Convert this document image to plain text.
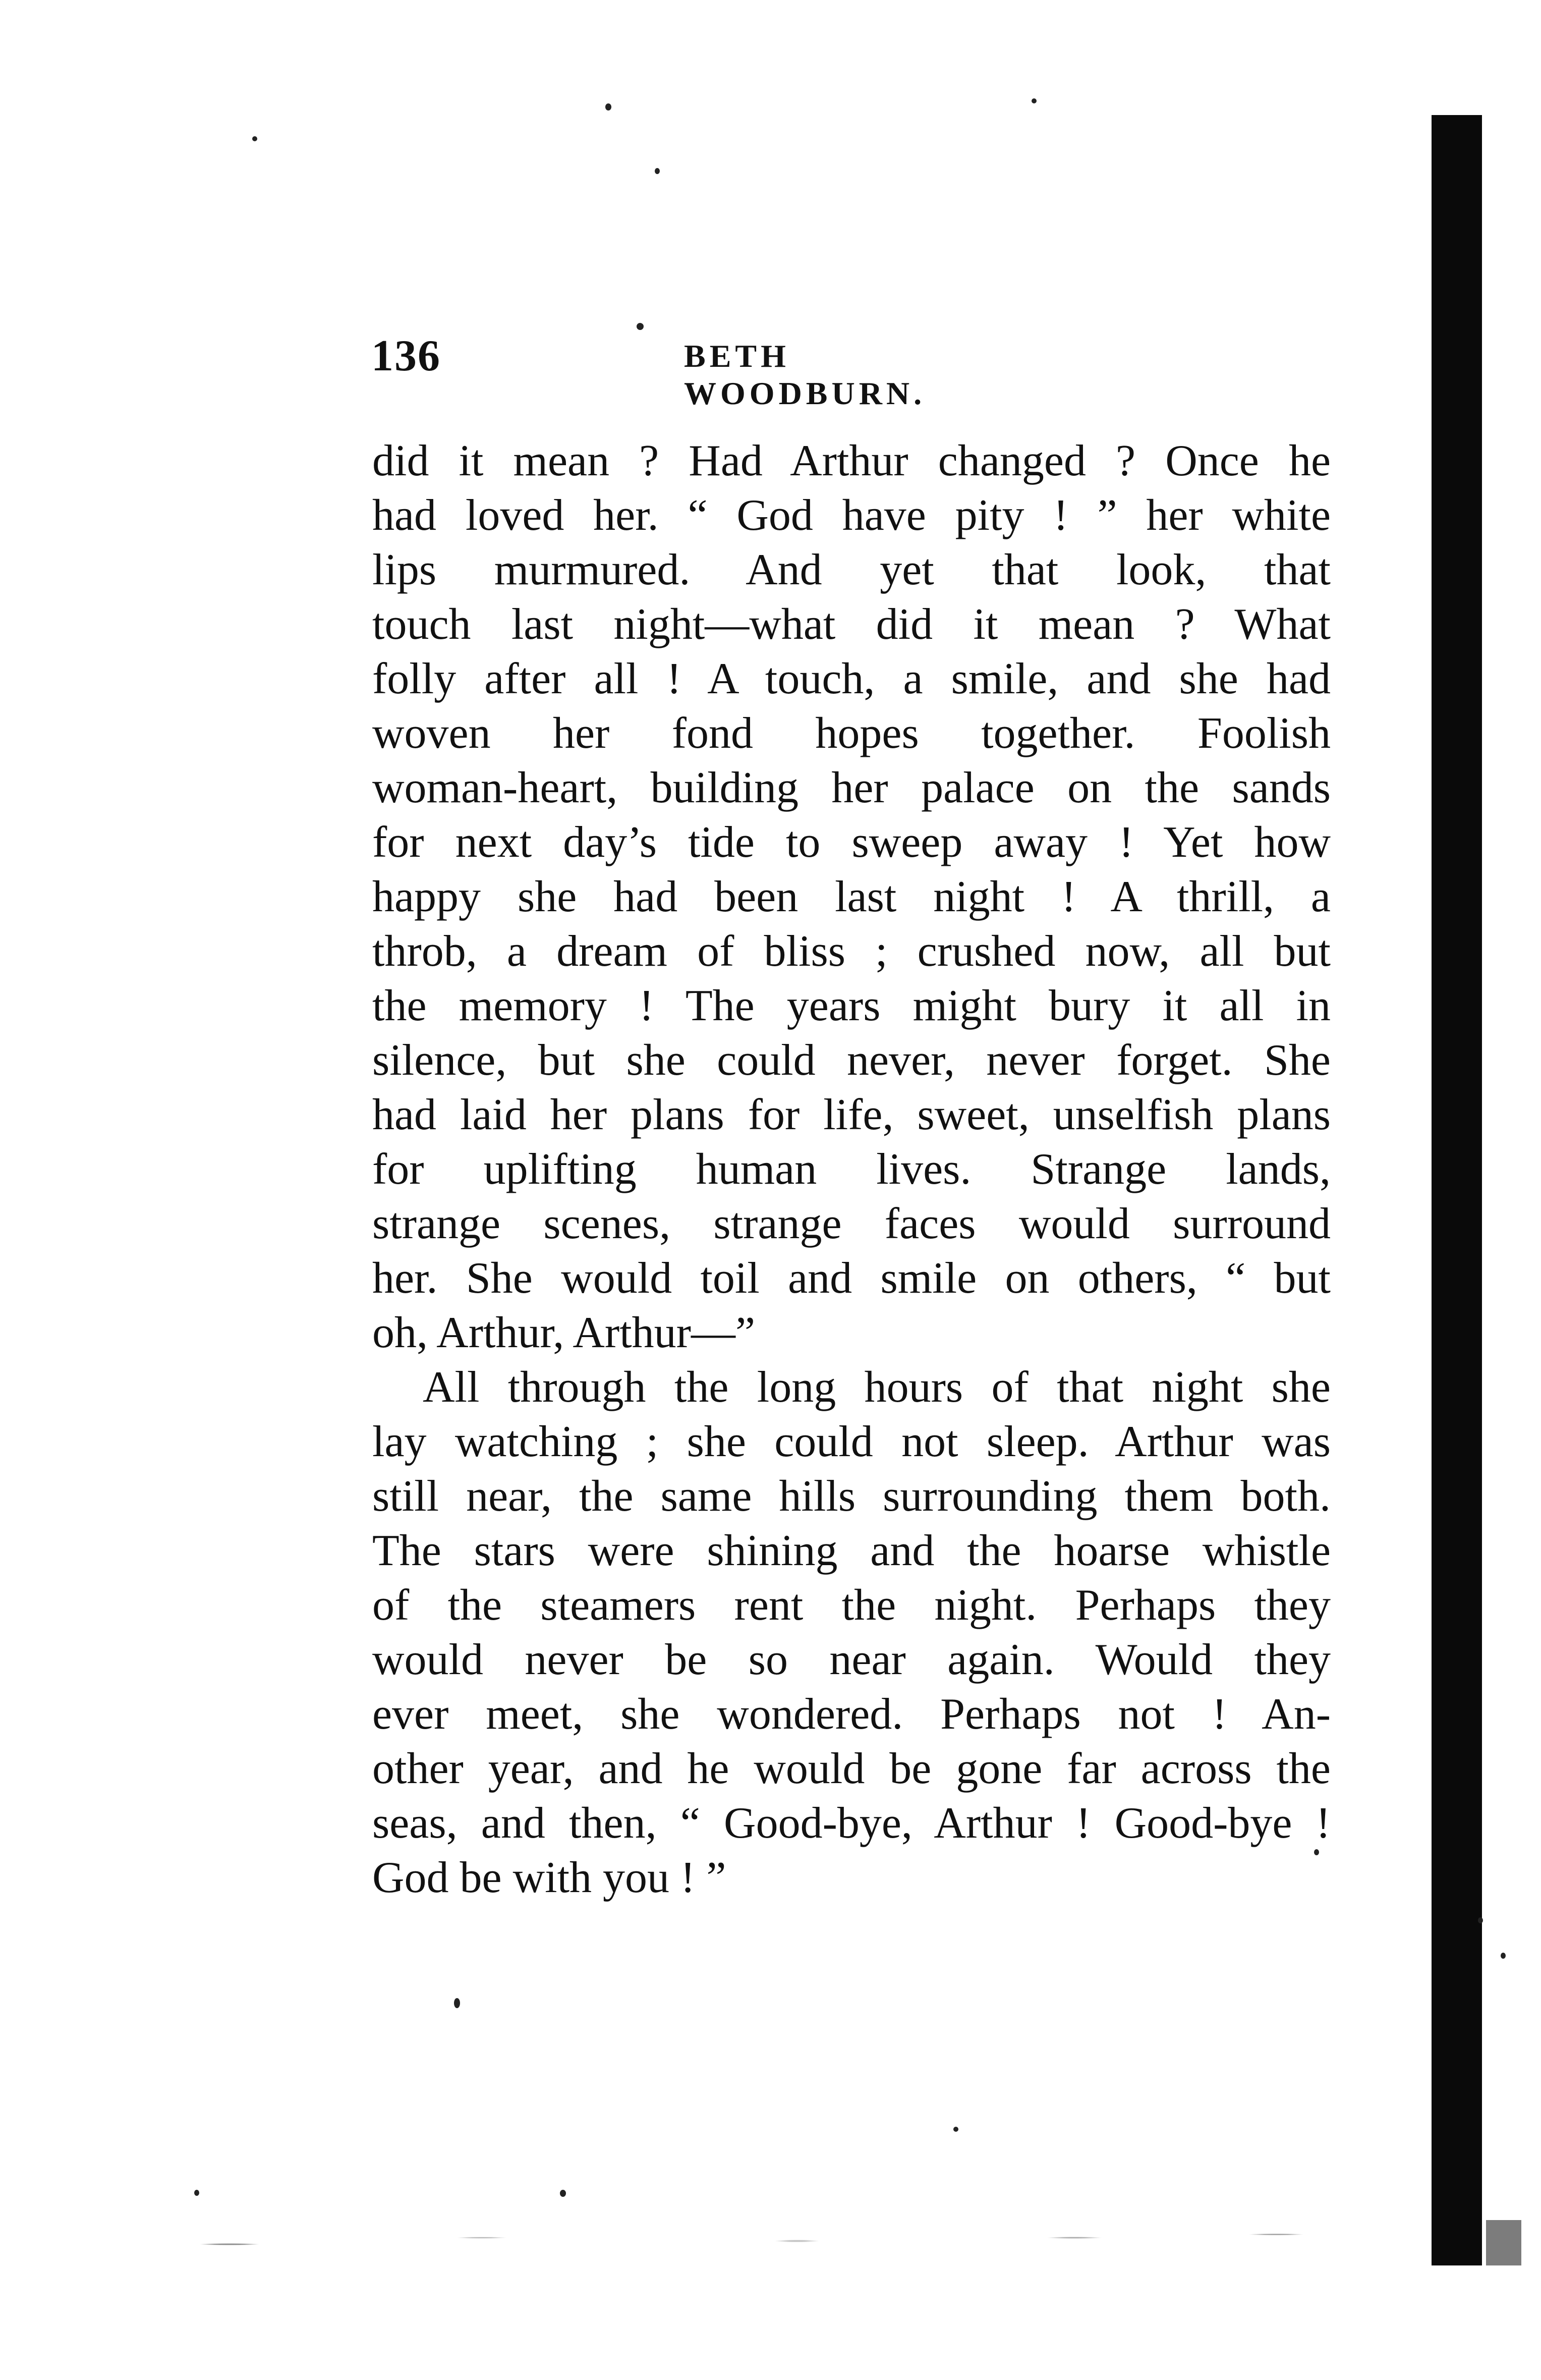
136	BETH WOODBURN.
did it mean ? Had Arthur changed ? Once he
had loved her. “ God have pity ! ” her white
lips murmured. And yet that look, that
touch last night—what did it mean ? What
folly after all ! A touch, a smile, and she had
woven her fond hopes together. Foolish
woman-heart, building her palace on the sands
for next day’s tide to sweep away ! Yet how
happy she had been last night ! A thrill, a
throb, a dream of bliss ; crushed now, all but
the memory ! The years might bury it all in
silence, but she could never, never forget. She
had laid her plans for life, sweet, unselfish plans
for uplifting human lives. Strange lands,
strange scenes, strange faces would surround
her. She would toil and smile on others, “ but
oh, Arthur, Arthur—”
All through the long hours of that night she
lay watching ; she could not sleep. Arthur was
still near, the same hills surrounding them both.
The stars were shining and the hoarse whistle
of the steamers rent the night. Perhaps they
would never be so near again. Would they
ever meet, she wondered. Perhaps not ! An-
other year, and he would be gone far across the
seas, and then, “ Good-bye, Arthur ! Good-bye !
God be with you ! ”
